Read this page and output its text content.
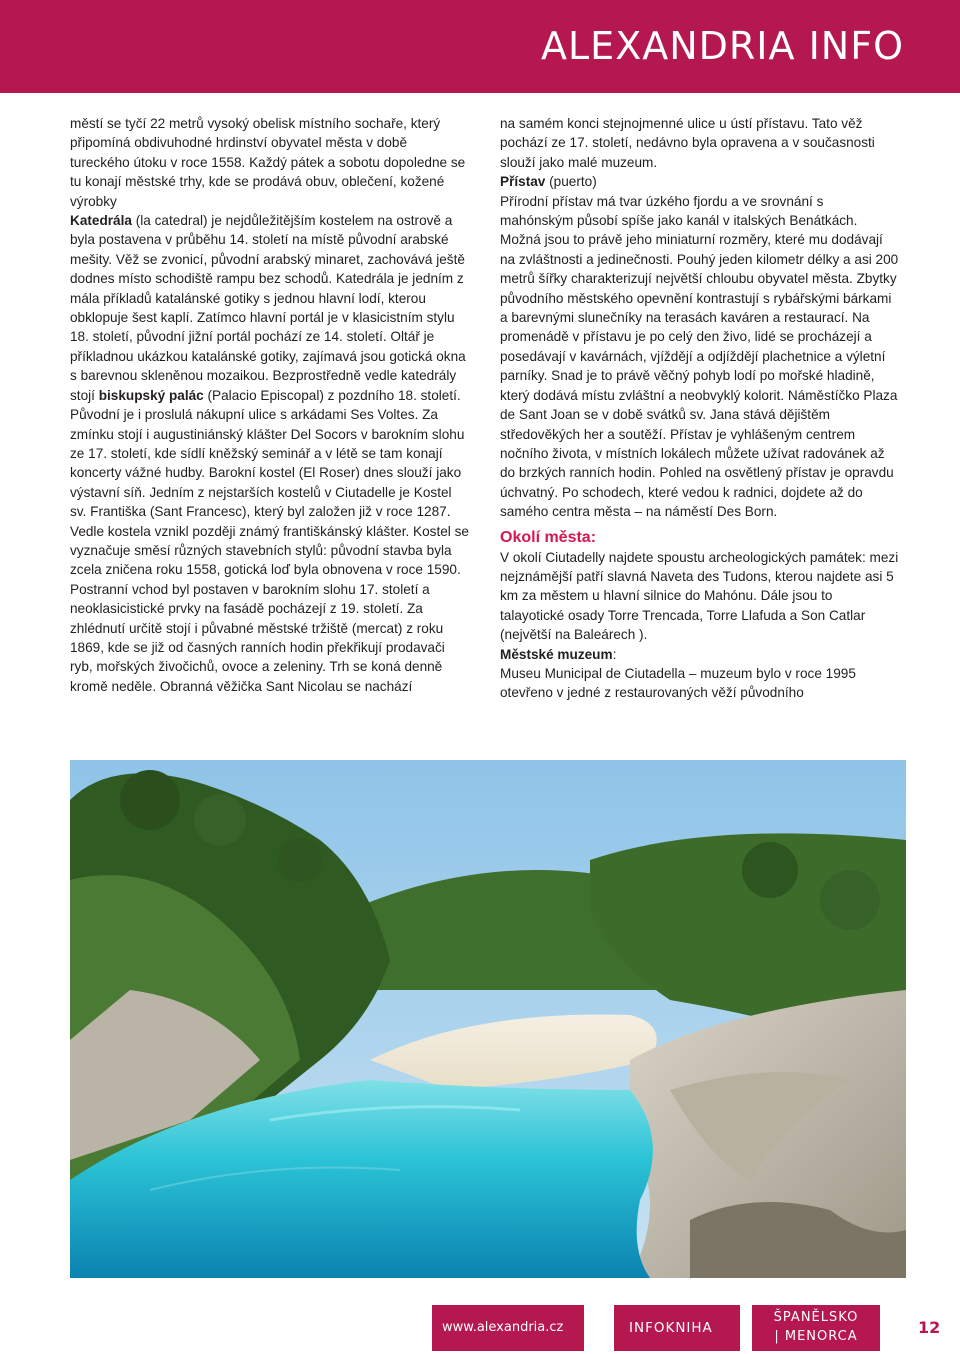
ALEXANDRIA INFO

městí se tyčí 22 metrů vysoký obelisk místního sochaře, který připomíná obdivuhodné hrdinství obyvatel města v době tureckého útoku v roce 1558. Každý pátek a sobotu dopoledne se tu konají městské trhy, kde se prodává obuv, oblečení, kožené výrobky

Katedrála (la catedral) je nejdůležitějším kostelem na ostrově a byla postavena v průběhu 14. století na místě původní arabské mešity. Věž se zvonicí, původní arabský minaret, zachovává ještě dodnes místo schodiště rampu bez schodů. Katedrála je jedním z mála příkladů katalánské gotiky s jednou hlavní lodí, kterou obklopuje šest kaplí. Zatímco hlavní portál je v klasicistním stylu 18. století, původní jižní portál pochází ze 14. století. Oltář je příkladnou ukázkou katalánské gotiky, zajímavá jsou gotická okna s barevnou skleněnou mozaikou. Bezprostředně vedle katedrály stojí biskupský palác (Palacio Episcopal) z pozdního 18. století. Původní je i proslulá nákupní ulice s arkádami Ses Voltes. Za zmínku stojí i augustiniánský klášter Del Socors v barokním slohu ze 17. století, kde sídlí kněžský seminář a v létě se tam konají koncerty vážné hudby. Barokní kostel (El Roser) dnes slouží jako výstavní síň. Jedním z nejstarších kostelů v Ciutadelle je Kostel sv. Františka (Sant Francesc), který byl založen již v roce 1287. Vedle kostela vznikl později známý františkánský klášter. Kostel se vyznačuje směsí různých stavebních stylů: původní stavba byla zcela zničena roku 1558, gotická loď byla obnovena v roce 1590. Postranní vchod byl postaven v barokním slohu 17. století a neoklasicistické prvky na fasádě pocházejí z 19. století. Za zhlédnutí určitě stojí i půvabné městské tržiště (mercat) z roku 1869, kde se již od časných ranních hodin překřikují prodavači ryb, mořských živočichů, ovoce a zeleniny. Trh se koná denně kromě neděle. Obranná věžička Sant Nicolau se nachází

na samém konci stejnojmenné ulice u ústí přístavu. Tato věž pochází ze 17. století, nedávno byla opravena a v současnosti slouží jako malé muzeum.

Přístav (puerto)

Přírodní přístav má tvar úzkého fjordu a ve srovnání s mahónským působí spíše jako kanál v italských Benátkách. Možná jsou to právě jeho miniaturní rozměry, které mu dodávají na zvláštnosti a jedinečnosti. Pouhý jeden kilometr délky a asi 200 metrů šířky charakterizují největší chloubu obyvatel města. Zbytky původního městského opevnění kontrastují s rybářskými bárkami a barevnými slunečníky na terasách kaváren a restaurací. Na promenádě v přístavu je po celý den živo, lidé se procházejí a posedávají v kavárnách, vjíždějí a odjíždějí plachetnice a výletní parníky. Snad je to právě věčný pohyb lodí po mořské hladině, který dodává místu zvláštní a neobvyklý kolorit. Náměstíčko Plaza de Sant Joan se v době svátků sv. Jana stává dějištěm středověkých her a soutěží. Přístav je vyhlášeným centrem nočního života, v místních lokálech můžete užívat radovánek až do brzkých ranních hodin. Pohled na osvětlený přístav je opravdu úchvatný. Po schodech, které vedou k radnici, dojdete až do samého centra města – na náměstí Des Born.

Okolí města:

V okolí Ciutadelly najdete spoustu archeologických památek: mezi nejznámější patří slavná Naveta des Tudons, kterou najdete asi 5 km za městem u hlavní silnice do Mahónu. Dále jsou to talayotické osady Torre Trencada, Torre Llafuda a Son Catlar (největší na Baleárech ).

Městské muzeum:

Museu Municipal de Ciutadella – muzeum bylo v roce 1995 otevřeno v jedné z restaurovaných věží původního

www.alexandria.cz	INFOKNIHA
ŠPANĚLSKO
| MENORCA	12
